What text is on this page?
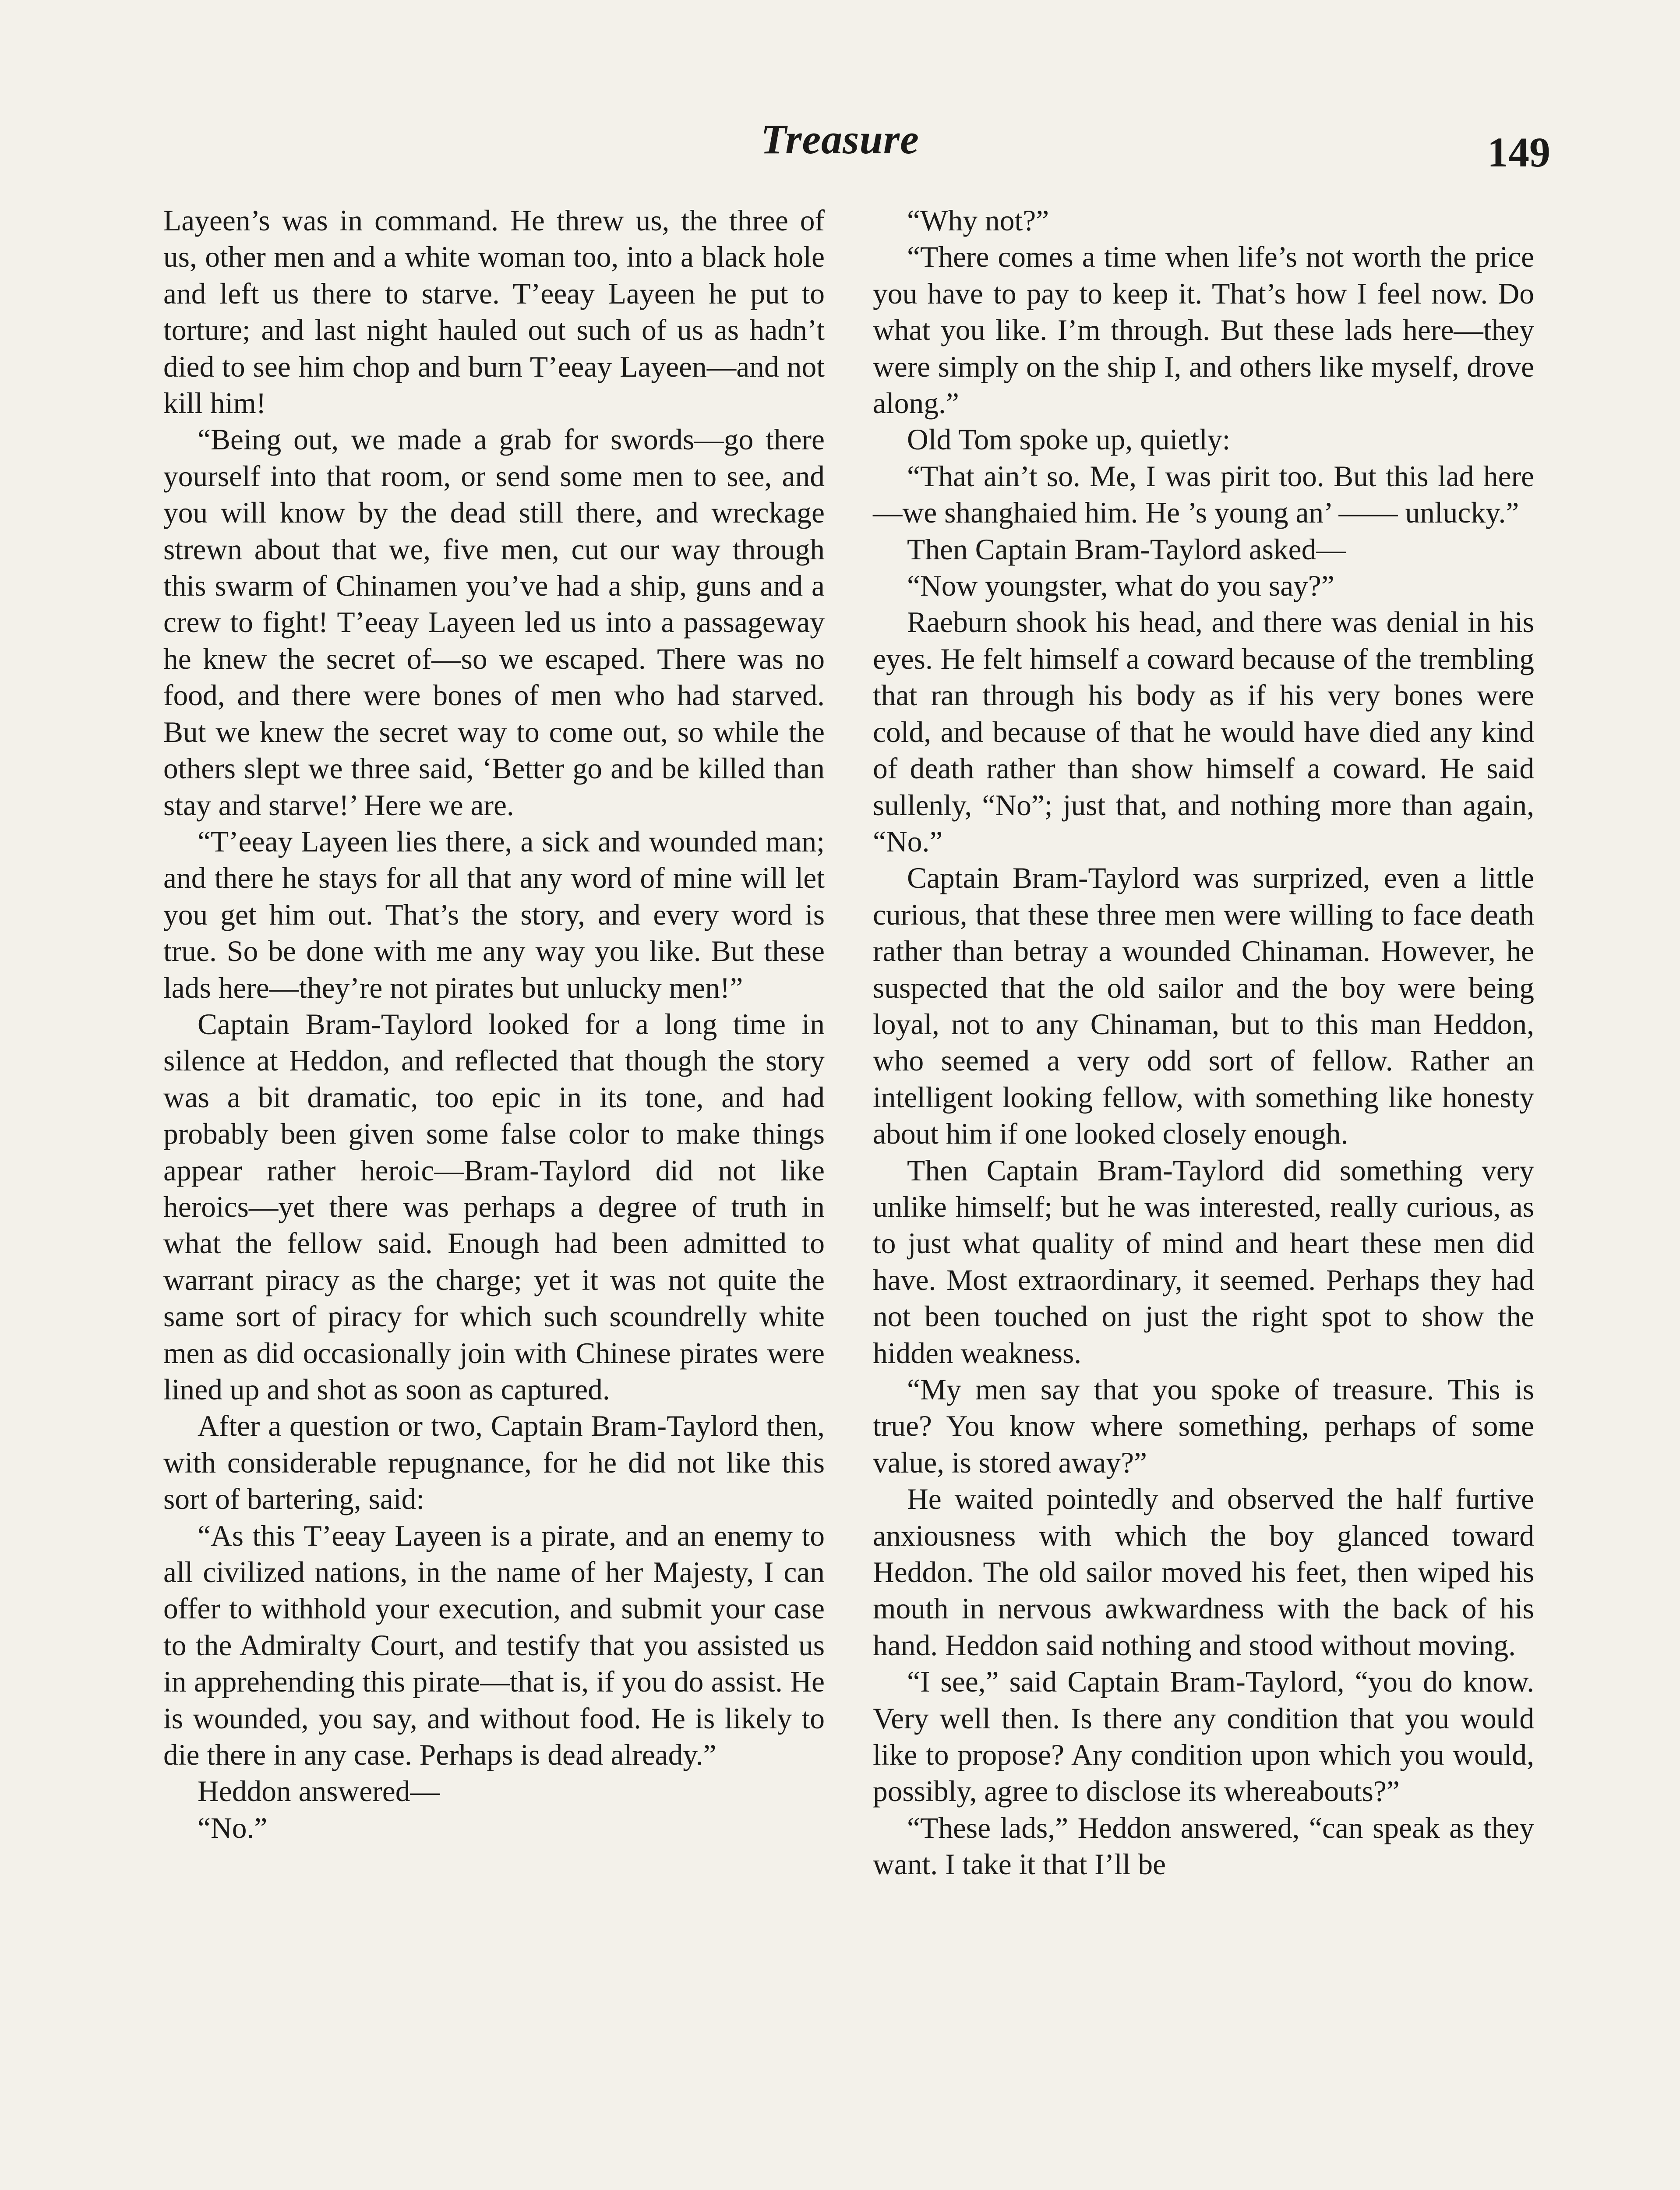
Treasure	149

Layeen’s was in command. He threw us, the three of us, other men and a white woman too, into a black hole and left us there to starve. T’eeay Layeen he put to torture; and last night hauled out such of us as hadn’t died to see him chop and burn T’eeay Layeen—and not kill him!

“Being out, we made a grab for swords—go there yourself into that room, or send some men to see, and you will know by the dead still there, and wreckage strewn about that we, five men, cut our way through this swarm of Chinamen you’ve had a ship, guns and a crew to fight! T’eeay Layeen led us into a passageway he knew the secret of—so we escaped. There was no food, and there were bones of men who had starved. But we knew the secret way to come out, so while the others slept we three said, ‘Better go and be killed than stay and starve!’ Here we are.

“T’eeay Layeen lies there, a sick and wounded man; and there he stays for all that any word of mine will let you get him out. That’s the story, and every word is true. So be done with me any way you like. But these lads here—they’re not pirates but unlucky men!”

Captain Bram-Taylord looked for a long time in silence at Heddon, and reflected that though the story was a bit dramatic, too epic in its tone, and had probably been given some false color to make things appear rather heroic—Bram-Taylord did not like heroics—yet there was perhaps a degree of truth in what the fellow said. Enough had been admitted to warrant piracy as the charge; yet it was not quite the same sort of piracy for which such scoundrelly white men as did occasionally join with Chinese pirates were lined up and shot as soon as captured.

After a question or two, Captain Bram-Taylord then, with considerable repugnance, for he did not like this sort of bartering, said:

“As this T’eeay Layeen is a pirate, and an enemy to all civilized nations, in the name of her Majesty, I can offer to withhold your execution, and submit your case to the Admiralty Court, and testify that you assisted us in apprehending this pirate—that is, if you do assist. He is wounded, you say, and without food. He is likely to die there in any case. Perhaps is dead already.”

Heddon answered—

“No.”

“Why not?”

“There comes a time when life’s not worth the price you have to pay to keep it. That’s how I feel now. Do what you like. I’m through. But these lads here—they were simply on the ship I, and others like myself, drove along.”

Old Tom spoke up, quietly:

“That ain’t so. Me, I was pirit too. But this lad here—we shanghaied him. He ’s young an’ —— unlucky.”

Then Captain Bram-Taylord asked—

“Now youngster, what do you say?”

Raeburn shook his head, and there was denial in his eyes. He felt himself a coward because of the trembling that ran through his body as if his very bones were cold, and because of that he would have died any kind of death rather than show himself a coward. He said sullenly, “No”; just that, and nothing more than again, “No.”

Captain Bram-Taylord was surprized, even a little curious, that these three men were willing to face death rather than betray a wounded Chinaman. However, he suspected that the old sailor and the boy were being loyal, not to any Chinaman, but to this man Heddon, who seemed a very odd sort of fellow. Rather an intelligent looking fellow, with something like honesty about him if one looked closely enough.

Then Captain Bram-Taylord did something very unlike himself; but he was interested, really curious, as to just what quality of mind and heart these men did have. Most extraordinary, it seemed. Perhaps they had not been touched on just the right spot to show the hidden weakness.

“My men say that you spoke of treasure. This is true? You know where something, perhaps of some value, is stored away?”

He waited pointedly and observed the half furtive anxiousness with which the boy glanced toward Heddon. The old sailor moved his feet, then wiped his mouth in nervous awkwardness with the back of his hand. Heddon said nothing and stood without moving.

“I see,” said Captain Bram-Taylord, “you do know. Very well then. Is there any condition that you would like to propose? Any condition upon which you would, possibly, agree to disclose its whereabouts?”

“These lads,” Heddon answered, “can speak as they want. I take it that I’ll be
